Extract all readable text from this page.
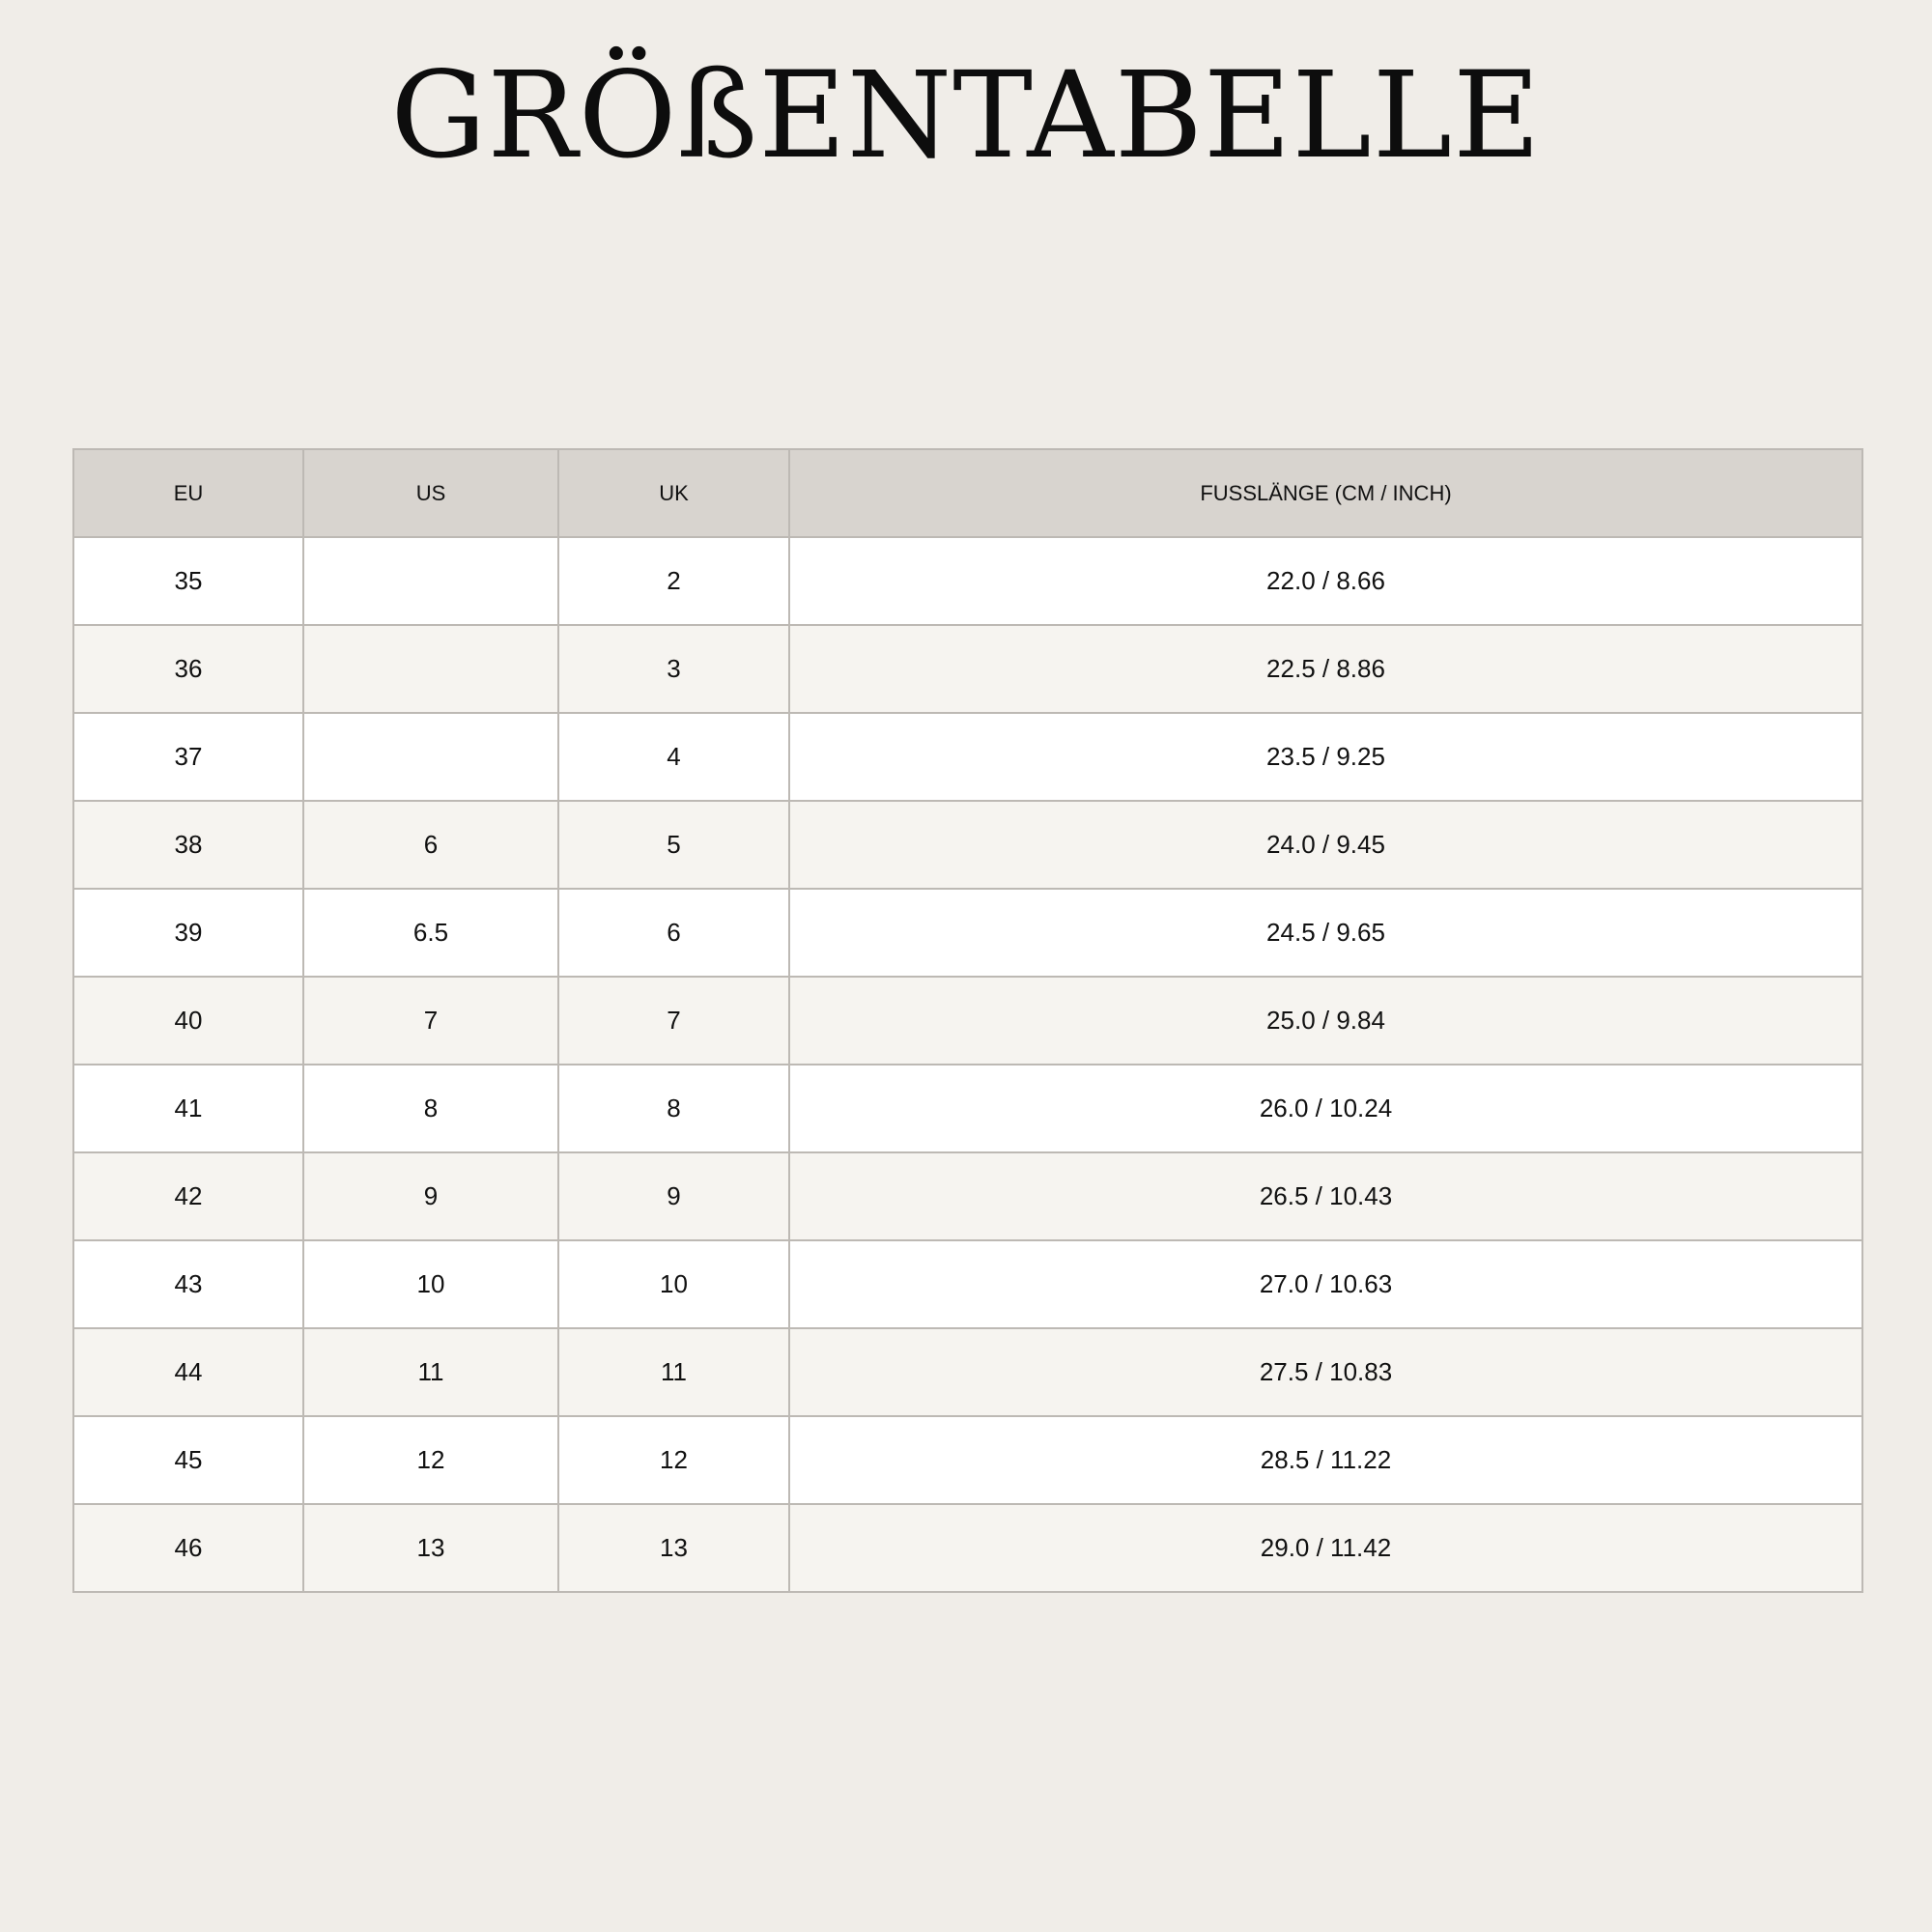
GRÖßENTABELLE
EU	US	UK	FUSSLÄNGE (CM / INCH)
35		2	22.0 / 8.66
36		3	22.5 / 8.86
37		4	23.5 / 9.25
38	6	5	24.0 / 9.45
39	6.5	6	24.5 / 9.65
40	7	7	25.0 / 9.84
41	8	8	26.0 / 10.24
42	9	9	26.5 / 10.43
43	10	10	27.0 / 10.63
44	11	11	27.5 / 10.83
45	12	12	28.5 / 11.22
46	13	13	29.0 / 11.42
